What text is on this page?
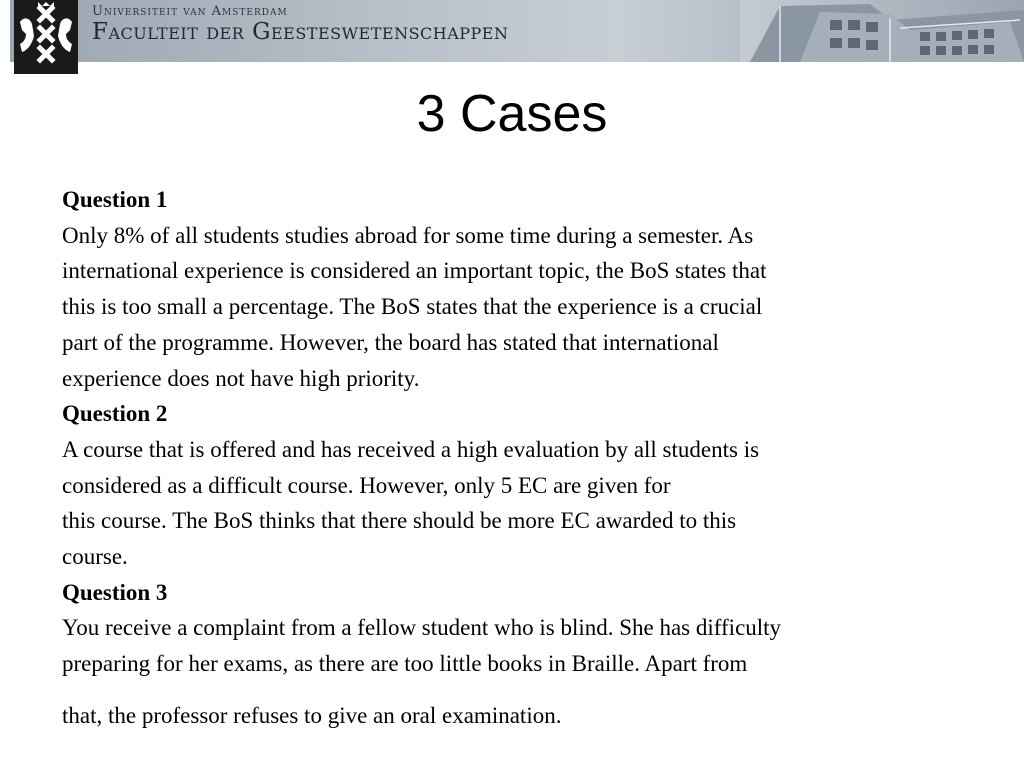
Universiteit van Amsterdam
Faculteit der Geesteswetenschappen
3 Cases
Question 1
Only 8% of all students studies abroad for some time during a semester. As
international experience is considered an important topic, the BoS states that
this is too small a percentage. The BoS states that the experience is a crucial
part of the programme. However, the board has stated that international
experience does not have high priority.
Question 2
A course that is offered and has received a high evaluation by all students is
considered as a difficult course. However, only 5 EC are given for
this course. The BoS thinks that there should be more EC awarded to this
course.
Question 3
You receive a complaint from a fellow student who is blind. She has difficulty
preparing for her exams, as there are too little books in Braille. Apart from
that, the professor refuses to give an oral examination.
